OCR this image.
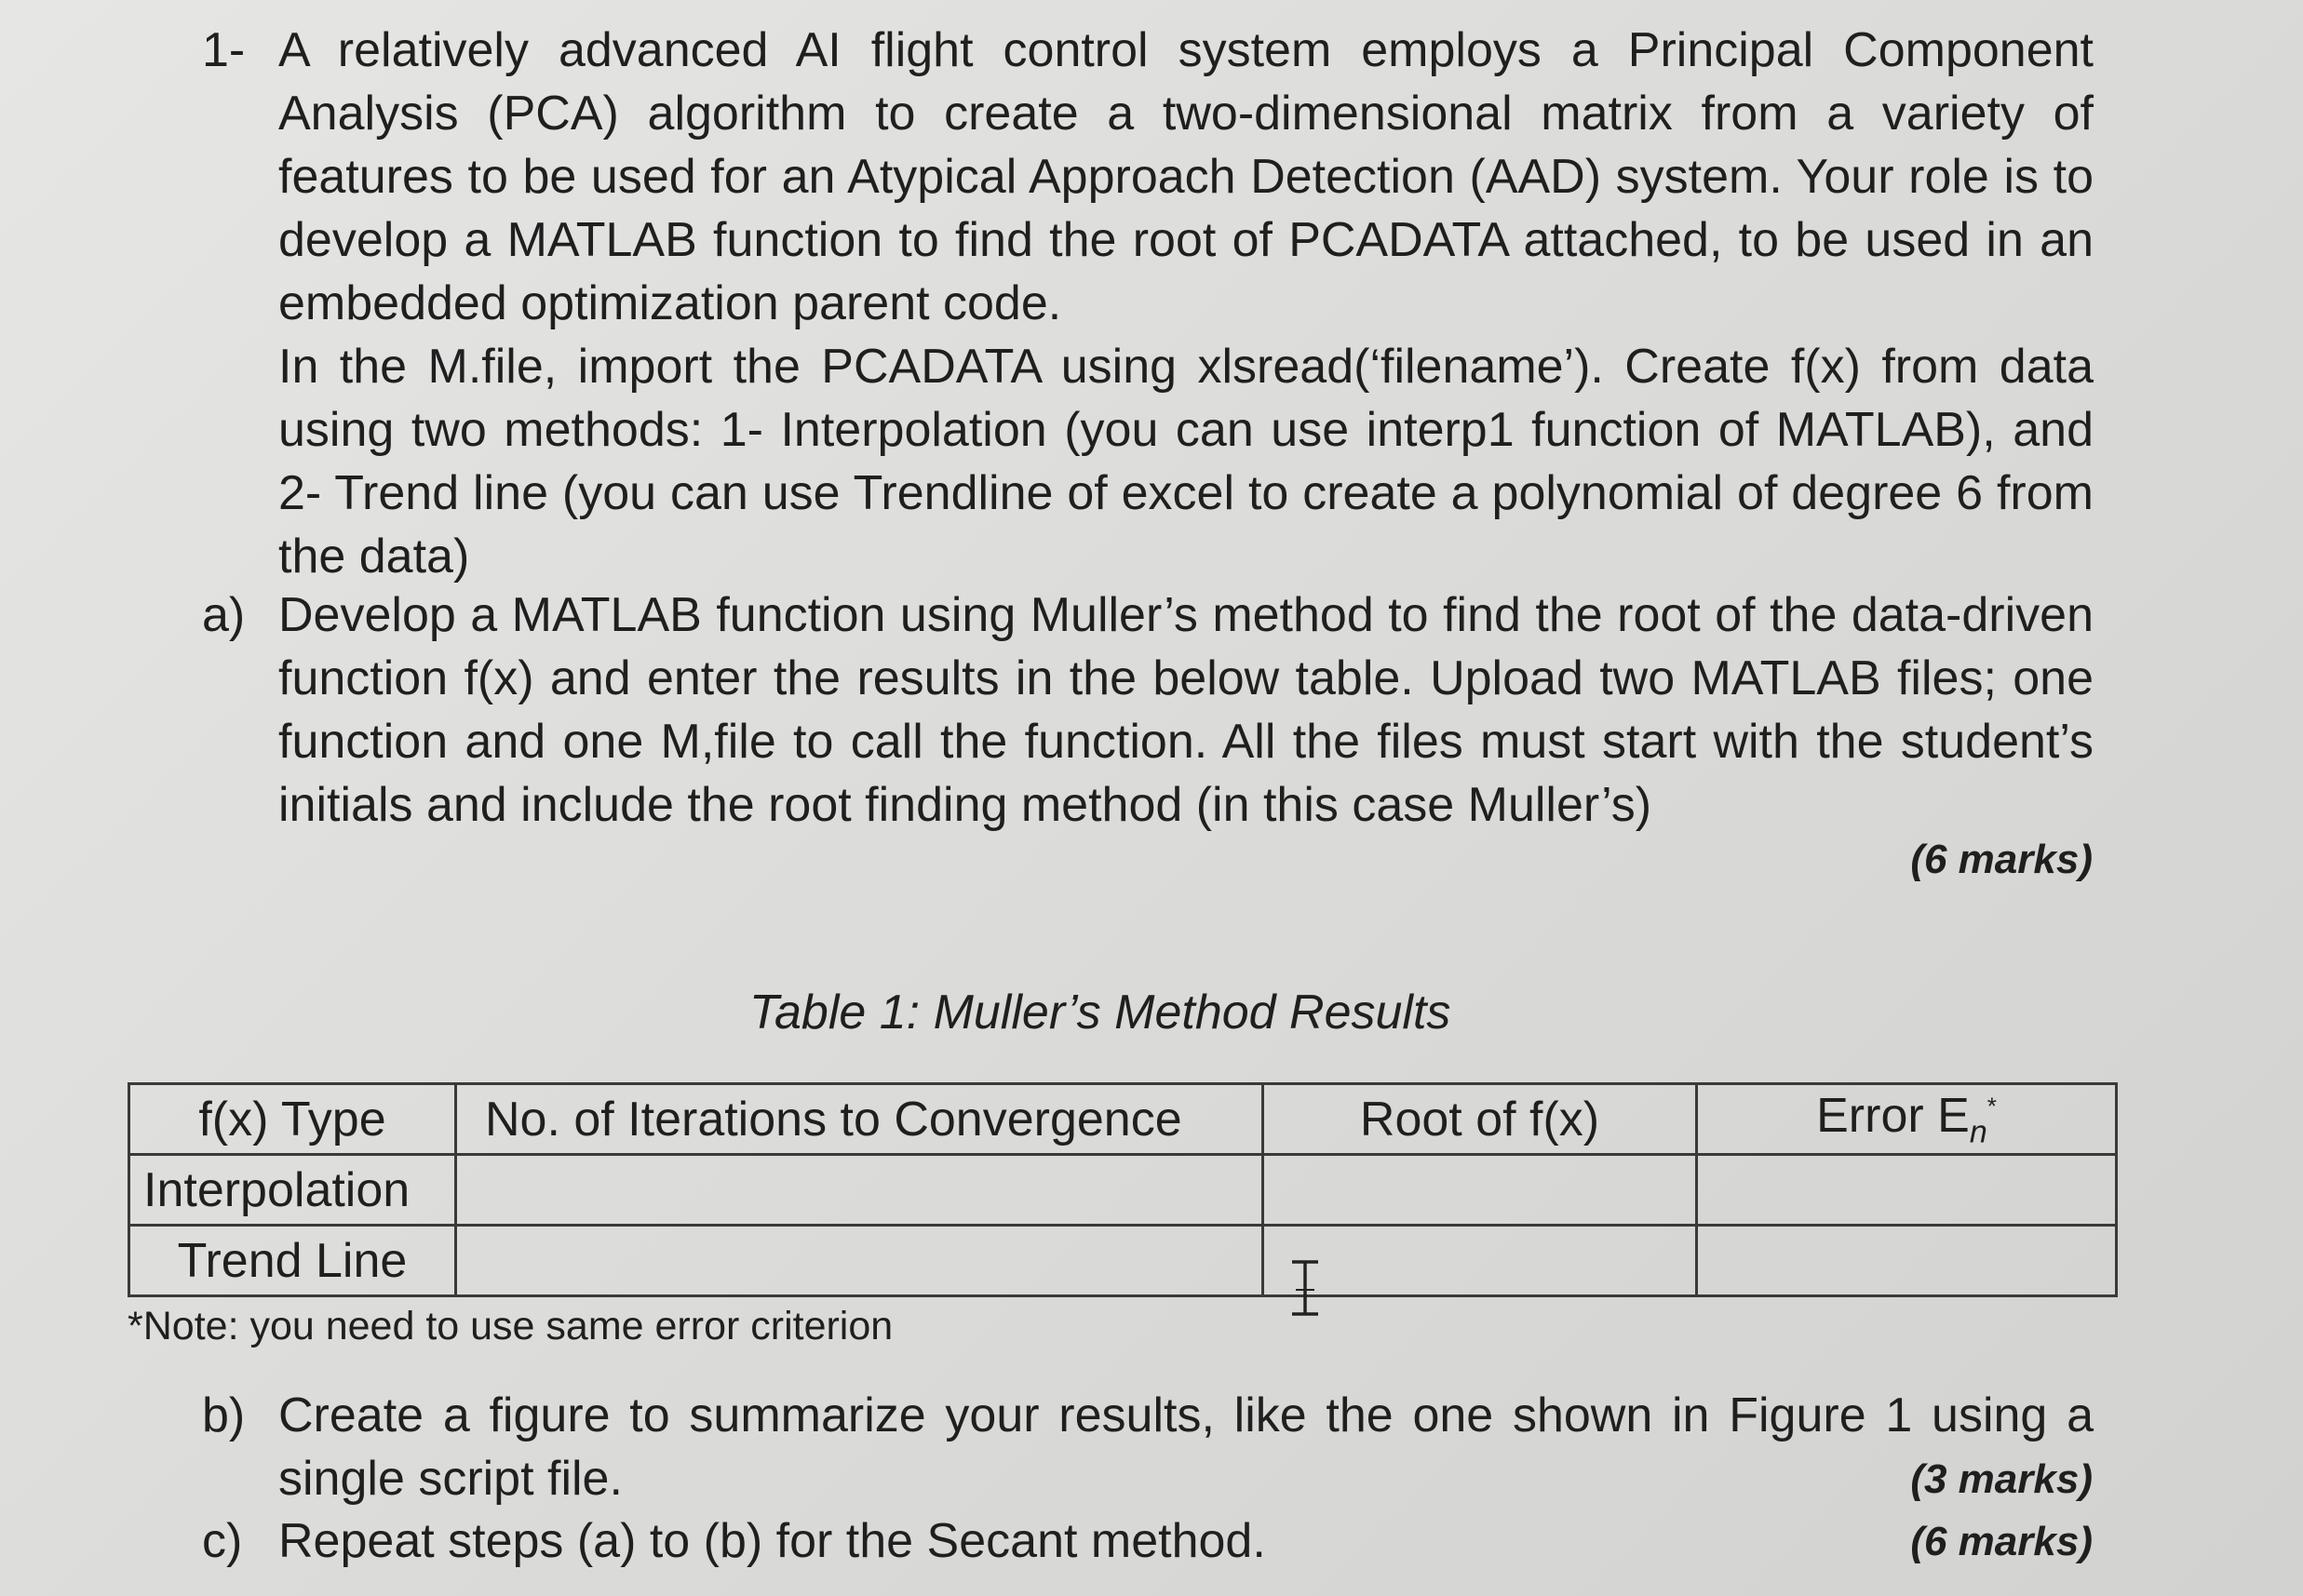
1- A relatively advanced AI flight control system employs a Principal Component Analysis (PCA) algorithm to create a two-dimensional matrix from a variety of features to be used for an Atypical Approach Detection (AAD) system. Your role is to develop a MATLAB function to find the root of PCADATA attached, to be used in an embedded optimization parent code.

In the M.file, import the PCADATA using xlsread(‘filename’). Create f(x) from data using two methods: 1- Interpolation (you can use interp1 function of MATLAB), and 2- Trend line (you can use Trendline of excel to create a polynomial of degree 6 from the data)

a) Develop a MATLAB function using Muller’s method to find the root of the data-driven function f(x) and enter the results in the below table. Upload two MATLAB files; one function and one M,file to call the function. All the files must start with the student’s initials and include the root finding method (in this case Muller’s)

(6 marks)
Table 1: Muller’s Method Results
f(x) Type	No. of Iterations to Convergence	Root of f(x)	Error $E_n^*$
Interpolation			
Trend Line			
*Note: you need to use same error criterion
b) Create a figure to summarize your results, like the one shown in Figure 1 using a single script file.	(3 marks)
c) Repeat steps (a) to (b) for the Secant method.	(6 marks)
